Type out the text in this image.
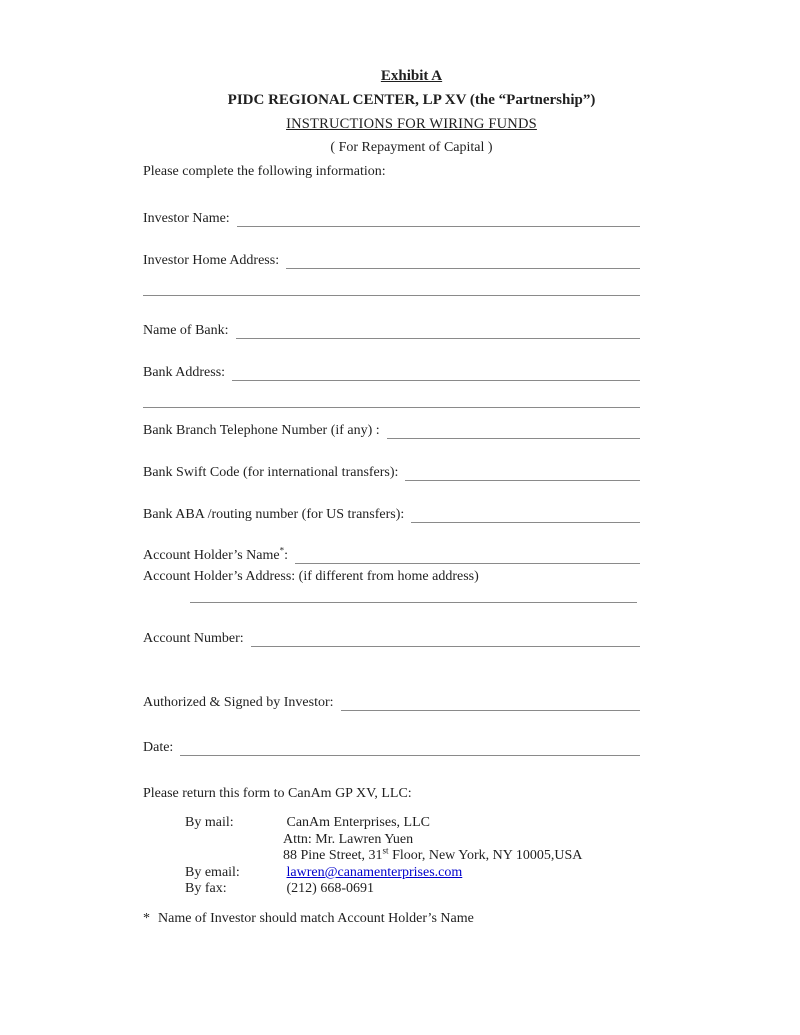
Exhibit A
PIDC REGIONAL CENTER, LP XV (the “Partnership”)
INSTRUCTIONS FOR WIRING FUNDS
( For Repayment of Capital )
Please complete the following information:
Investor Name:
Investor Home Address:
Name of Bank:
Bank Address:
Bank Branch Telephone Number (if any) :
Bank Swift Code (for international transfers):
Bank ABA /routing number (for US transfers):
Account Holder’s Name*:
Account Holder’s Address: (if different from home address)
Account Number:
Authorized & Signed by Investor:
Date:
Please return this form to CanAm GP XV, LLC:
By mail:	CanAm Enterprises, LLC
Attn: Mr. Lawren Yuen
88 Pine Street, 31st Floor, New York, NY 10005,USA
By email:	lawren@canamenterprises.com
By fax:	(212) 668-0691
* Name of Investor should match Account Holder’s Name
